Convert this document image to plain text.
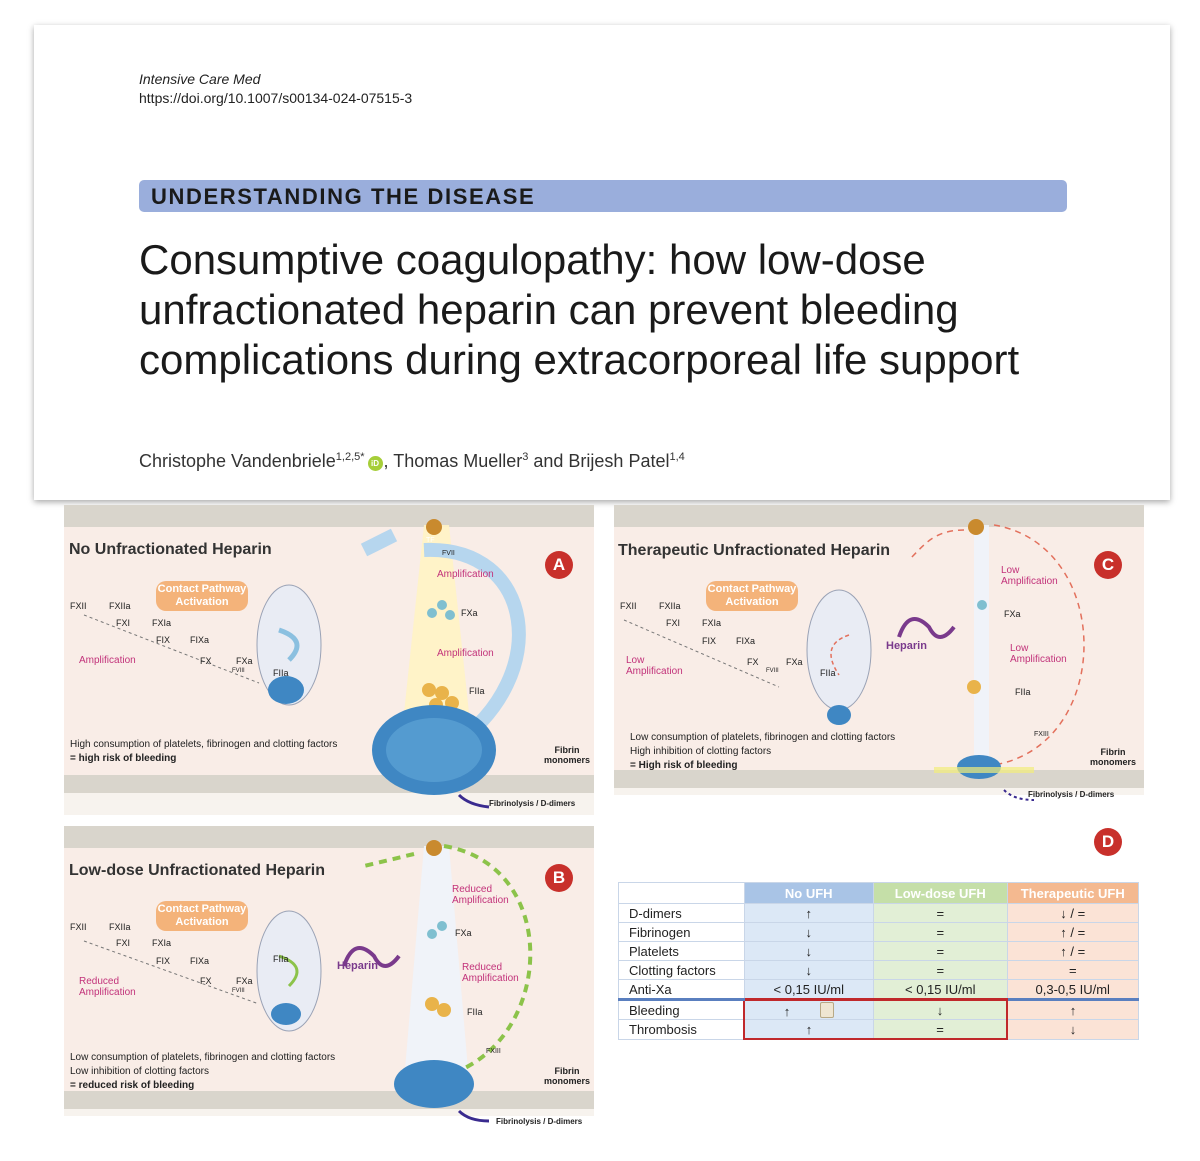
Intensive Care Med
https://doi.org/10.1007/s00134-024-07515-3
UNDERSTANDING THE DISEASE
Consumptive coagulopathy: how low-dose unfractionated heparin can prevent bleeding complications during extracorporeal life support
Christophe Vandenbriele$^{1,2,5*}$iD , Thomas Mueller$^3$ and Brijesh Patel$^{1,4}$
No Unfractionated Heparin
A
Contact Pathway Activation
FXII FXIIa
FXI FXIa
FIX FIXa
FX	FXa
FVIII	FIIa
Amplification
Amplification
Amplification
FXa
FIIa
TF
FVII
High consumption of platelets, fibrinogen and clotting factors
= high risk of bleeding
Fibrin monomers
Fibrinolysis / D-dimers
Low-dose Unfractionated Heparin	B
Contact Pathway Activation
FXII FXIIa
FXI FXIa
FIX FIXa
FX	FXa
FVIII
FIIa
Reduced Amplification
Reduced Amplification
Reduced Amplification
Heparin
FXa
FIIa
FXIII
Low consumption of platelets, fibrinogen and clotting factors
Low inhibition of clotting factors
= reduced risk of bleeding
Fibrin monomers
Fibrinolysis / D-dimers
Therapeutic Unfractionated Heparin
C
Contact Pathway Activation
FXII FXIIa
FXI FXIa
FIX FIXa
FX	FXa
FVIII	FIIa
Low Amplification
Low Amplification
Low Amplification
Heparin
FXa
FIIa
FXIII
Low consumption of platelets, fibrinogen and clotting factors
High inhibition of clotting factors
= High risk of bleeding
Fibrin monomers
Fibrinolysis / D-dimers
D
	No UFH	Low-dose UFH	Therapeutic UFH
D-dimers	↑	=	↓ / =
Fibrinogen	↓	=	↑ / =
Platelets	↓	=	↑ / =
Clotting factors	↓	=	=
Anti-Xa	< 0,15 IU/ml	< 0,15 IU/ml	0,3-0,5 IU/ml
Bleeding	↑	↓	↑
Thrombosis	↑	=	↓
